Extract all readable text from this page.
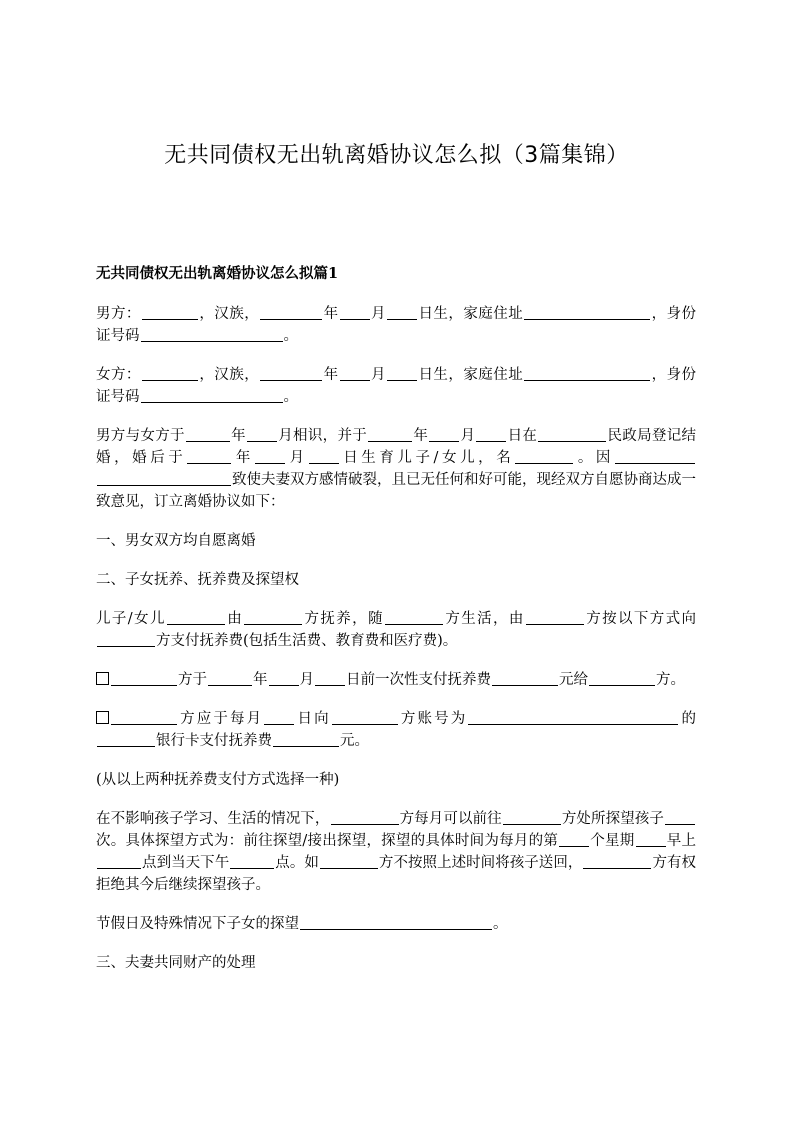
无共同债权无出轨离婚协议怎么拟（3篇集锦）
无共同债权无出轨离婚协议怎么拟篇1
男方：	，汉族，	年 月 日生，家庭住址	，身份证号码	。
女方：	，汉族，	年 月 日生，家庭住址	，身份证号码	。
男方与女方于	年 月相识，并于	年 月 日在	民政局登记结婚，婚后于	年 月 日生育儿子/女儿，名	。因致使夫妻双方感情破裂，且已无任何和好可能，现经双方自愿协商达成一致意见，订立离婚协议如下：
一、男女双方均自愿离婚
二、子女抚养、抚养费及探望权
儿子/女儿	由	方抚养，随	方生活，由	方按以下方式向方支付抚养费(包括生活费、教育费和医疗费)。
方于	年 月 日前一次性支付抚养费	元给	方。
方应于每月 日向	方账号为	的银行卡支付抚养费	元。
(从以上两种抚养费支付方式选择一种)
在不影响孩子学习、生活的情况下，	方每月可以前往	方处所探望孩子次。具体探望方式为：前往探望/接出探望，探望的具体时间为每月的第 个星期 早上点到当天下午	点。如	方不按照上述时间将孩子送回，	方有权拒绝其今后继续探望孩子。
节假日及特殊情况下子女的探望	。
三、夫妻共同财产的处理
